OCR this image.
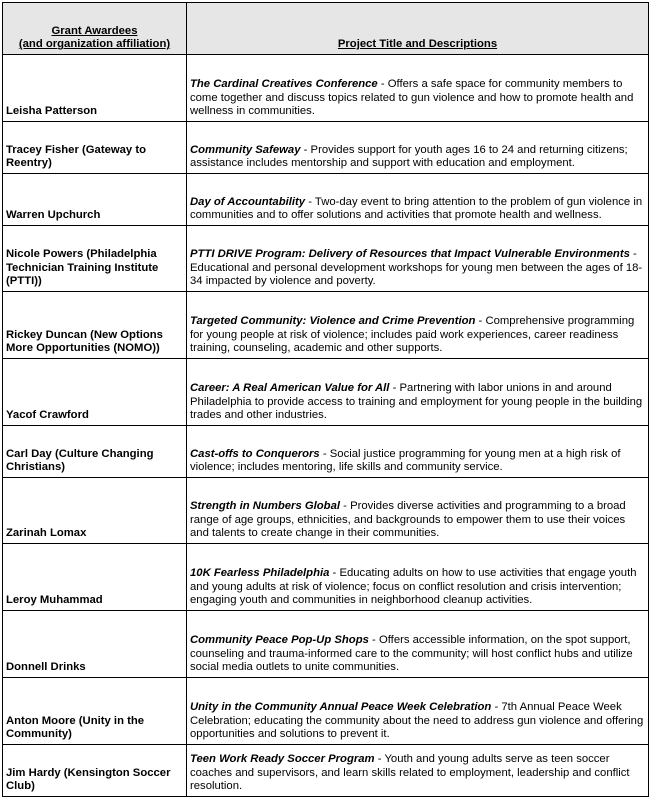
Grant Awardees
(and organization affiliation)	Project Title and Descriptions
Leisha Patterson	The Cardinal Creatives Conference - Offers a safe space for community members to come together and discuss topics related to gun violence and how to promote health and wellness in communities.
Tracey Fisher (Gateway to Reentry)	Community Safeway - Provides support for youth ages 16 to 24 and returning citizens; assistance includes mentorship and support with education and employment.
Warren Upchurch	Day of Accountability - Two-day event to bring attention to the problem of gun violence in communities and to offer solutions and activities that promote health and wellness.
Nicole Powers (Philadelphia Technician Training Institute (PTTI))	PTTI DRIVE Program: Delivery of Resources that Impact Vulnerable Environments - Educational and personal development workshops for young men between the ages of 18-34 impacted by violence and poverty.
Rickey Duncan (New Options More Opportunities (NOMO))	Targeted Community: Violence and Crime Prevention - Comprehensive programming for young people at risk of violence; includes paid work experiences, career readiness training, counseling, academic and other supports.
Yacof Crawford	Career: A Real American Value for All - Partnering with labor unions in and around Philadelphia to provide access to training and employment for young people in the building trades and other industries.
Carl Day (Culture Changing Christians)	Cast-offs to Conquerors - Social justice programming for young men at a high risk of violence; includes mentoring, life skills and community service.
Zarinah Lomax	Strength in Numbers Global - Provides diverse activities and programming to a broad range of age groups, ethnicities, and backgrounds to empower them to use their voices and talents to create change in their communities.
Leroy Muhammad	10K Fearless Philadelphia - Educating adults on how to use activities that engage youth and young adults at risk of violence; focus on conflict resolution and crisis intervention; engaging youth and communities in neighborhood cleanup activities.
Donnell Drinks	Community Peace Pop-Up Shops - Offers accessible information, on the spot support, counseling and trauma-informed care to the community; will host conflict hubs and utilize social media outlets to unite communities.
Anton Moore (Unity in the Community)	Unity in the Community Annual Peace Week Celebration - 7th Annual Peace Week Celebration; educating the community about the need to address gun violence and offering opportunities and solutions to prevent it.
Jim Hardy (Kensington Soccer Club)	Teen Work Ready Soccer Program - Youth and young adults serve as teen soccer coaches and supervisors, and learn skills related to employment, leadership and conflict resolution.
